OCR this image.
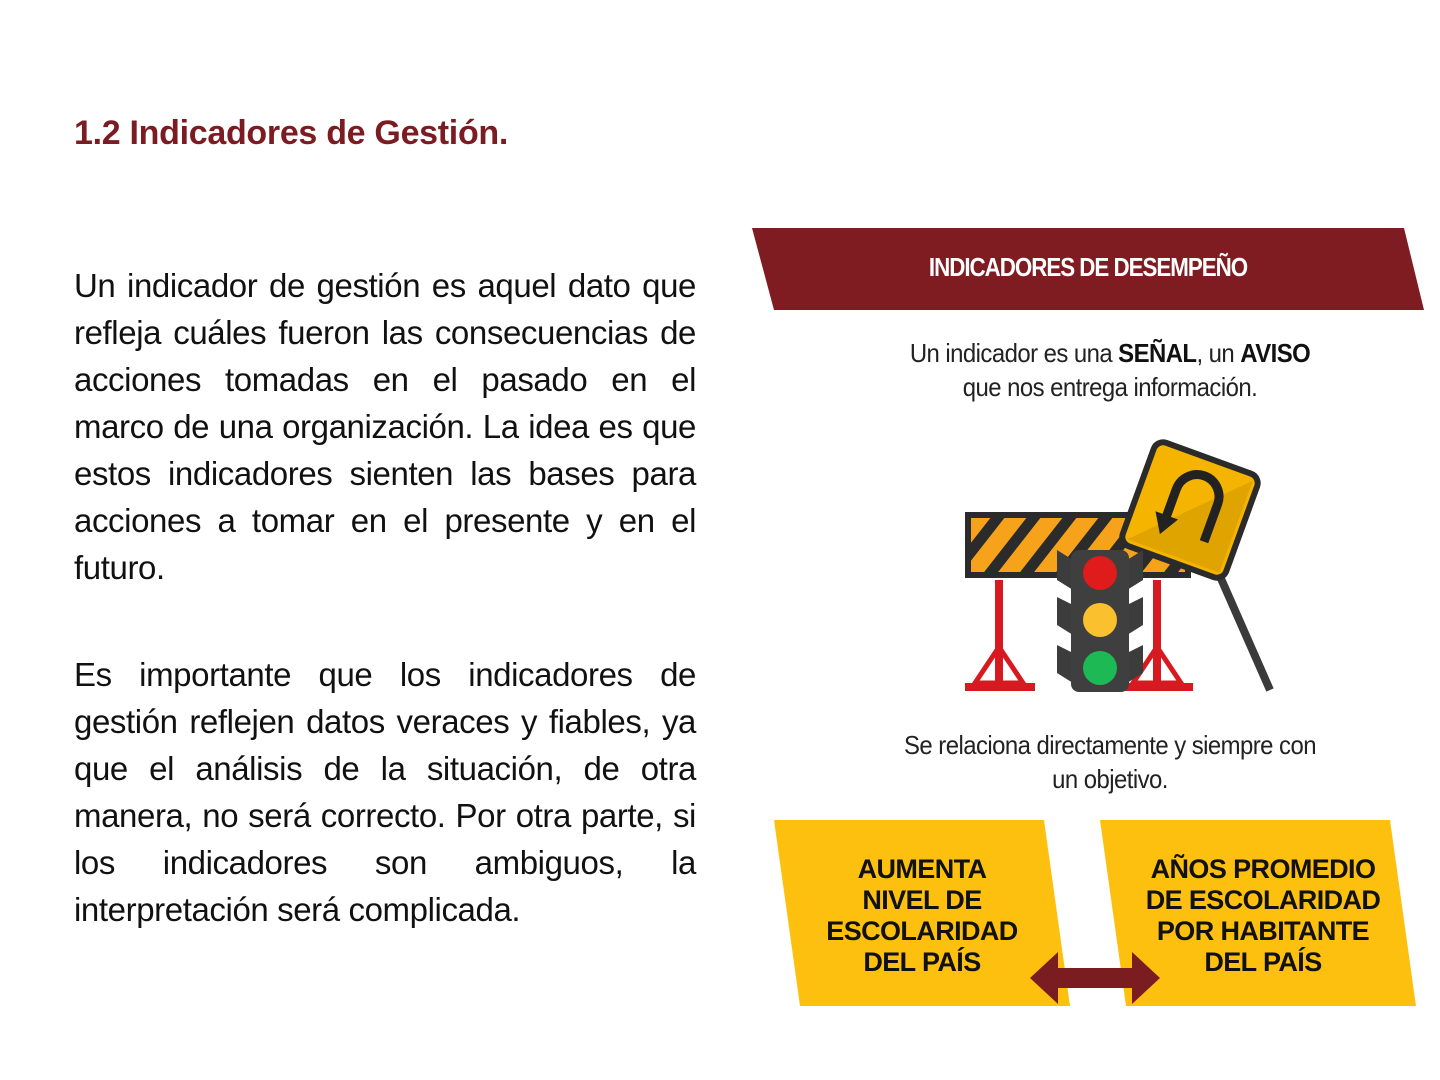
1.2 Indicadores de Gestión.

Un indicador de gestión es aquel dato que refleja cuáles fueron las consecuencias de acciones tomadas en el pasado en el marco de una organización. La idea es que estos indicadores sienten las bases para acciones a tomar en el presente y en el futuro.

Es importante que los indicadores de gestión reflejen datos veraces y fiables, ya que el análisis de la situación, de otra manera, no será correcto. Por otra parte, si los indicadores son ambiguos, la interpretación será complicada.

INDICADORES DE DESEMPEÑO
Un indicador es una SEÑAL, un AVISO
que nos entrega información.
Se relaciona directamente y siempre con
un objetivo.
AUMENTA
NIVEL DE
ESCOLARIDAD
DEL PAÍS
AÑOS PROMEDIO
DE ESCOLARIDAD
POR HABITANTE
DEL PAÍS
